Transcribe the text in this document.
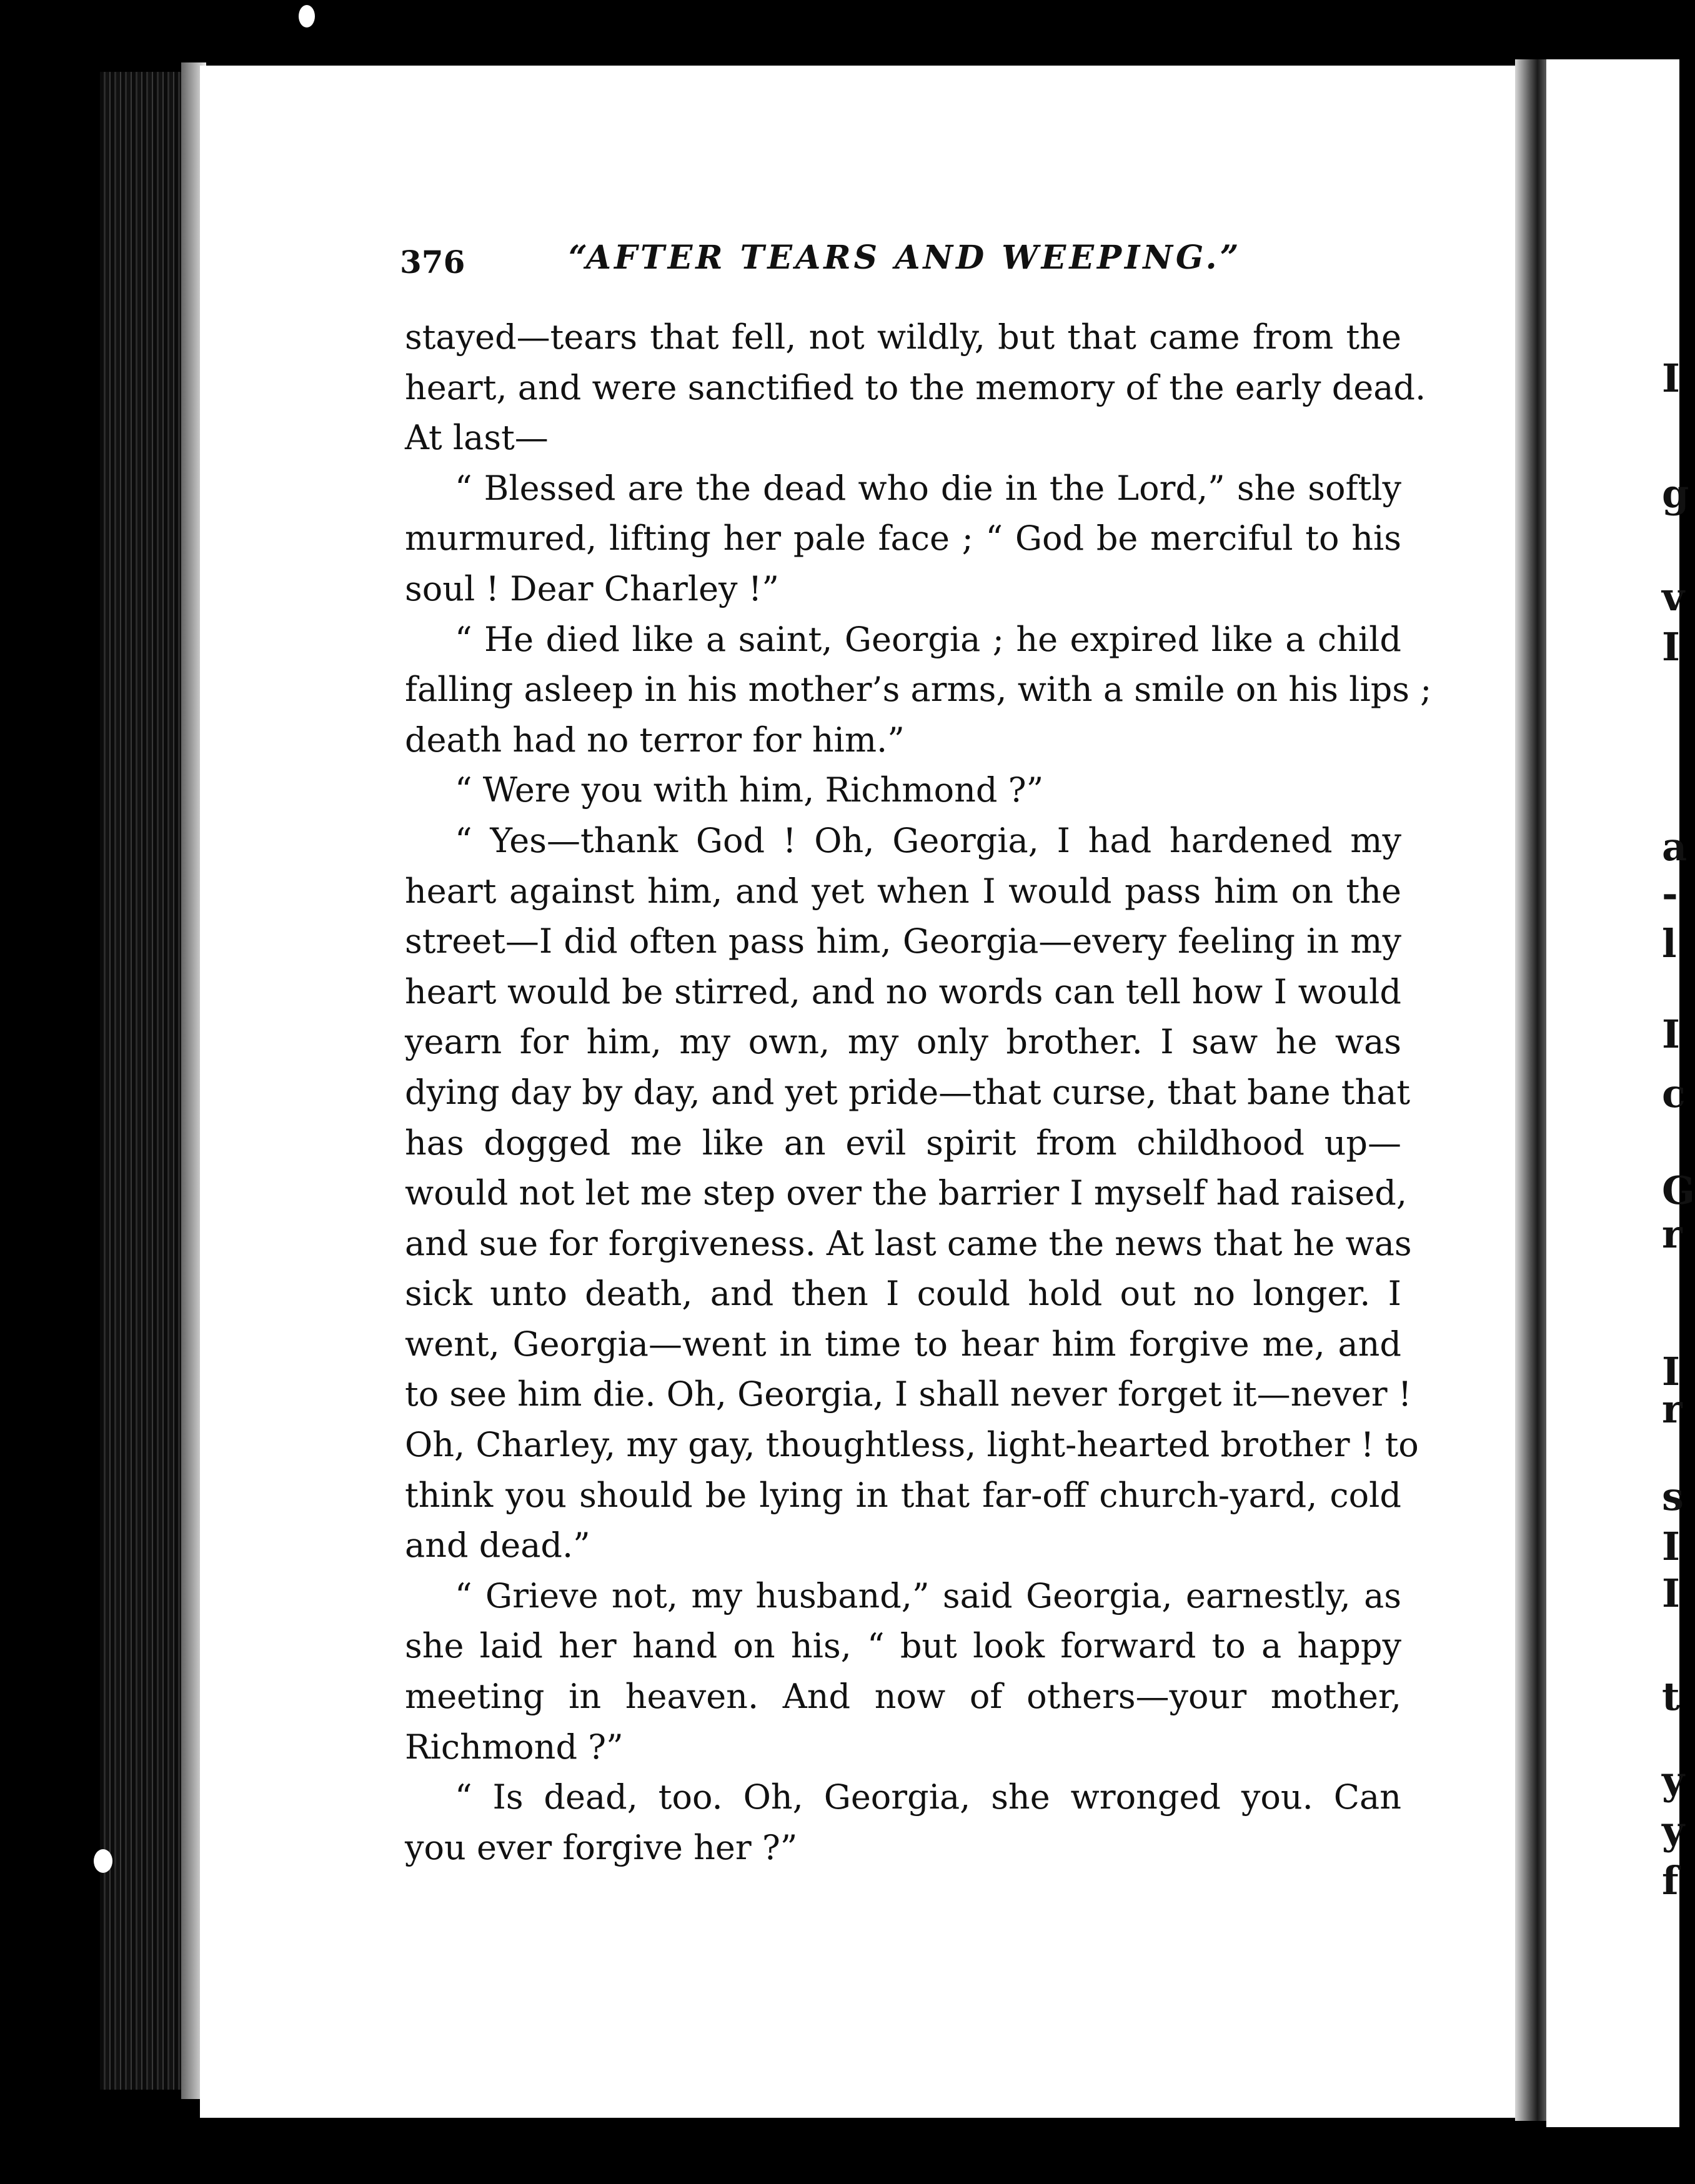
376	“AFTER TEARS AND WEEPING.”
stayed—tears that fell, not wildly, but that came from the
heart, and were sanctified to the memory of the early dead.
At last—
“ Blessed are the dead who die in the Lord,” she softly
murmured, lifting her pale face ; “ God be merciful to his
soul ! Dear Charley !”
“ He died like a saint, Georgia ; he expired like a child
falling asleep in his mother’s arms, with a smile on his lips ;
death had no terror for him.”
“ Were you with him, Richmond ?”
“ Yes—thank God ! Oh, Georgia, I had hardened my
heart against him, and yet when I would pass him on the
street—I did often pass him, Georgia—every feeling in my
heart would be stirred, and no words can tell how I would
yearn for him, my own, my only brother. I saw he was
dying day by day, and yet pride—that curse, that bane that
has dogged me like an evil spirit from childhood up—
would not let me step over the barrier I myself had raised,
and sue for forgiveness. At last came the news that he was
sick unto death, and then I could hold out no longer. I
went, Georgia—went in time to hear him forgive me, and
to see him die. Oh, Georgia, I shall never forget it—never !
Oh, Charley, my gay, thoughtless, light-hearted brother ! to
think you should be lying in that far-off church-yard, cold
and dead.”
“ Grieve not, my husband,” said Georgia, earnestly, as
she laid her hand on his, “ but look forward to a happy
meeting in heaven. And now of others—your mother,
Richmond ?”
“ Is dead, too. Oh, Georgia, she wronged you. Can
you ever forgive her ?”
I
g
v
I
a
-
l
I
c
G
r
I
r
s
I
I
t
y
y
f
